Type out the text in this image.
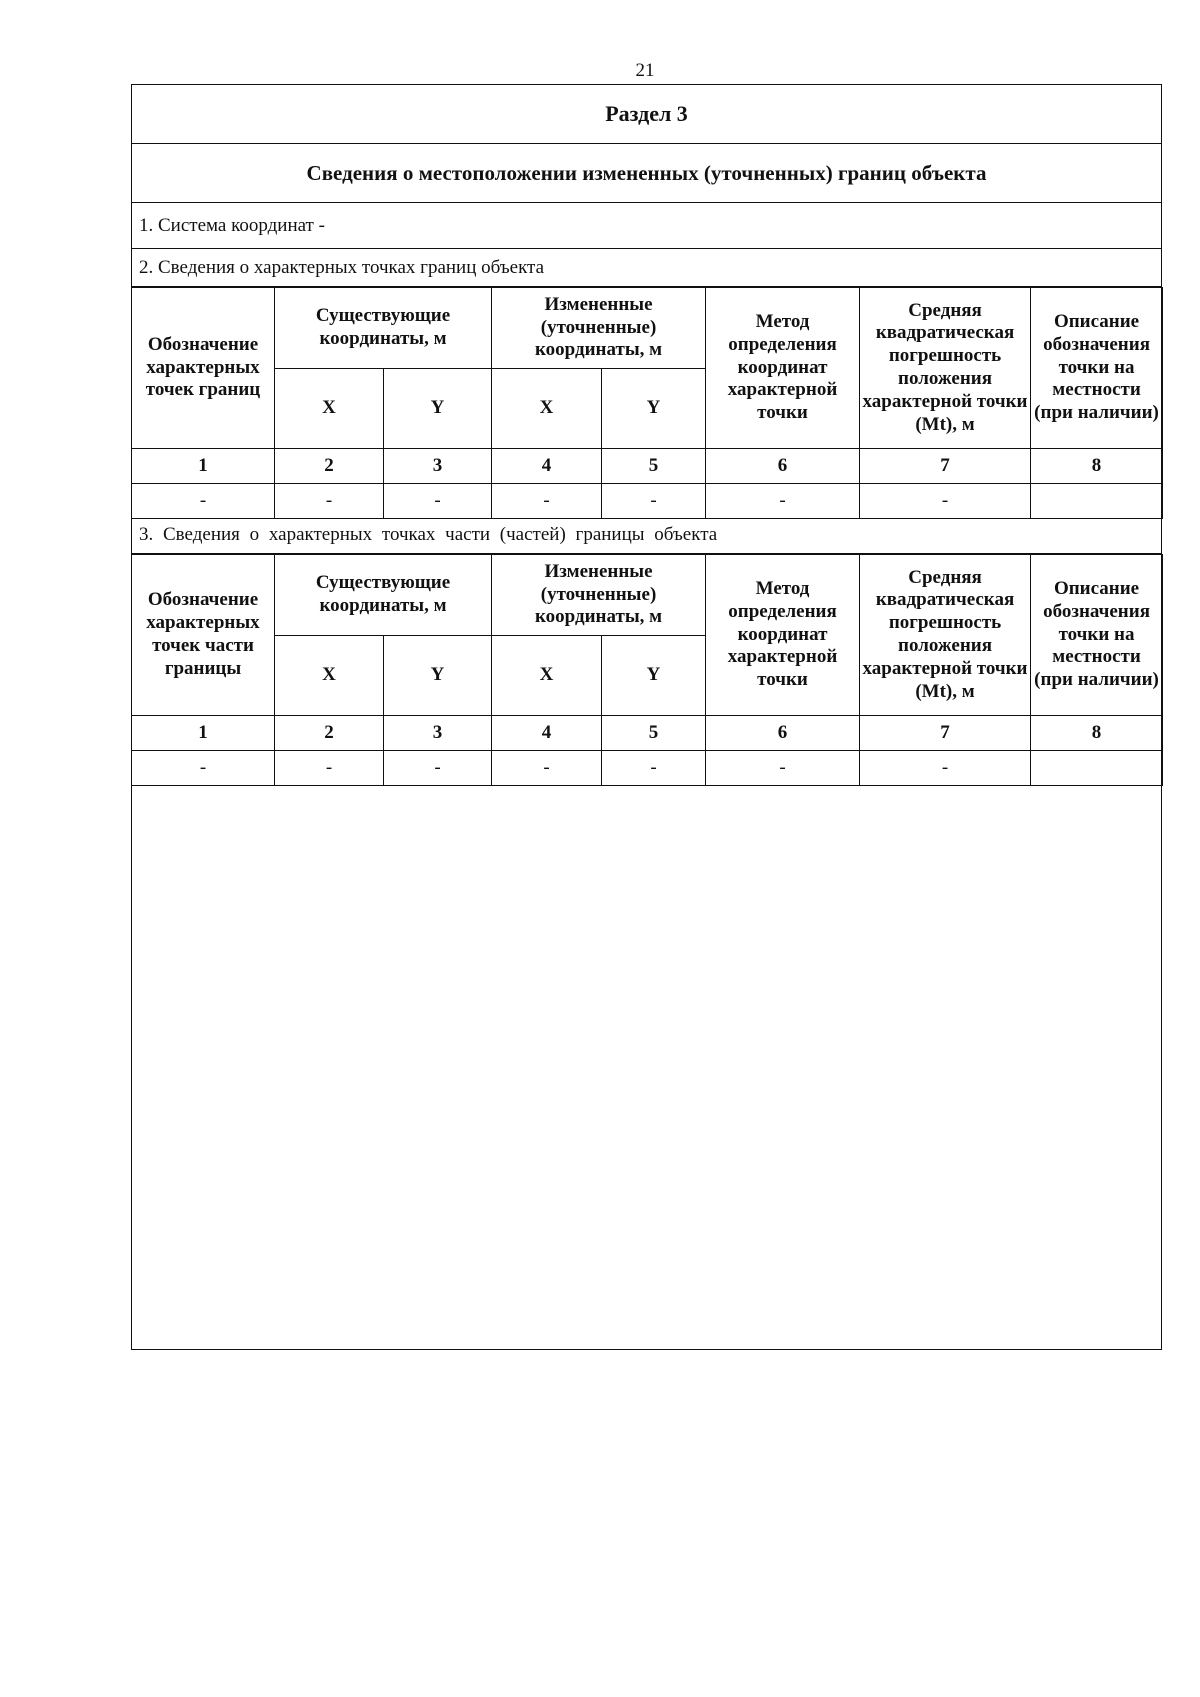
21
Раздел 3
Сведения о местоположении измененных (уточненных) границ объекта
1. Система координат -
2. Сведения о характерных точках границ объекта
Обозначение характерных точек границ	Существующие координаты, м		Измененные (уточненные) координаты, м		Метод определения координат характерной точки	Средняя квадратическая погрешность положения характерной точки (Mt), м	Описание обозначения точки на местности (при наличии)
	X	Y	X	Y			
1	2	3	4	5	6	7	8
-	-	-	-	-	-	-	
3. Сведения о характерных точках части (частей) границы объекта
Обозначение характерных точек части границы	Существующие координаты, м		Измененные (уточненные) координаты, м		Метод определения координат характерной точки	Средняя квадратическая погрешность положения характерной точки (Mt), м	Описание обозначения точки на местности (при наличии)
	X	Y	X	Y			
1	2	3	4	5	6	7	8
-	-	-	-	-	-	-	
